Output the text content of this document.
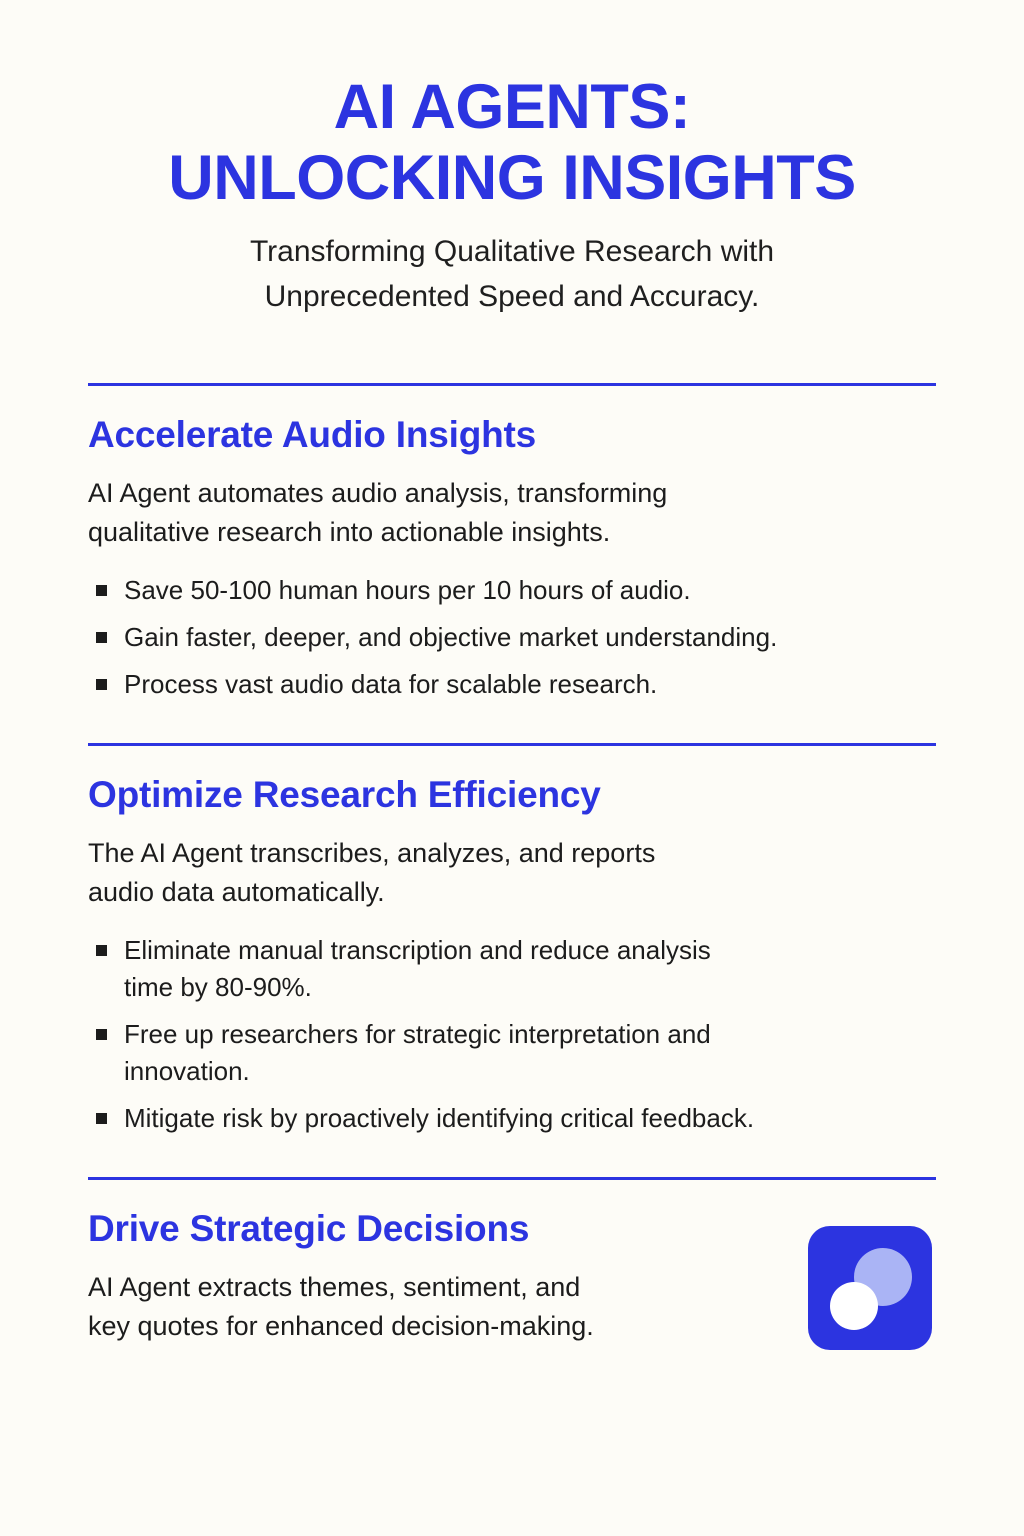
AI AGENTS:
UNLOCKING INSIGHTS

Transforming Qualitative Research with
Unprecedented Speed and Accuracy.

Accelerate Audio Insights

AI Agent automates audio analysis, transforming
qualitative research into actionable insights.

Save 50-100 human hours per 10 hours of audio.
Gain faster, deeper, and objective market understanding.
Process vast audio data for scalable research.
Optimize Research Efficiency

The AI Agent transcribes, analyzes, and reports
audio data automatically.

Eliminate manual transcription and reduce analysis
time by 80-90%.
Free up researchers for strategic interpretation and
innovation.
Mitigate risk by proactively identifying critical feedback.
Drive Strategic Decisions

AI Agent extracts themes, sentiment, and
key quotes for enhanced decision-making.
